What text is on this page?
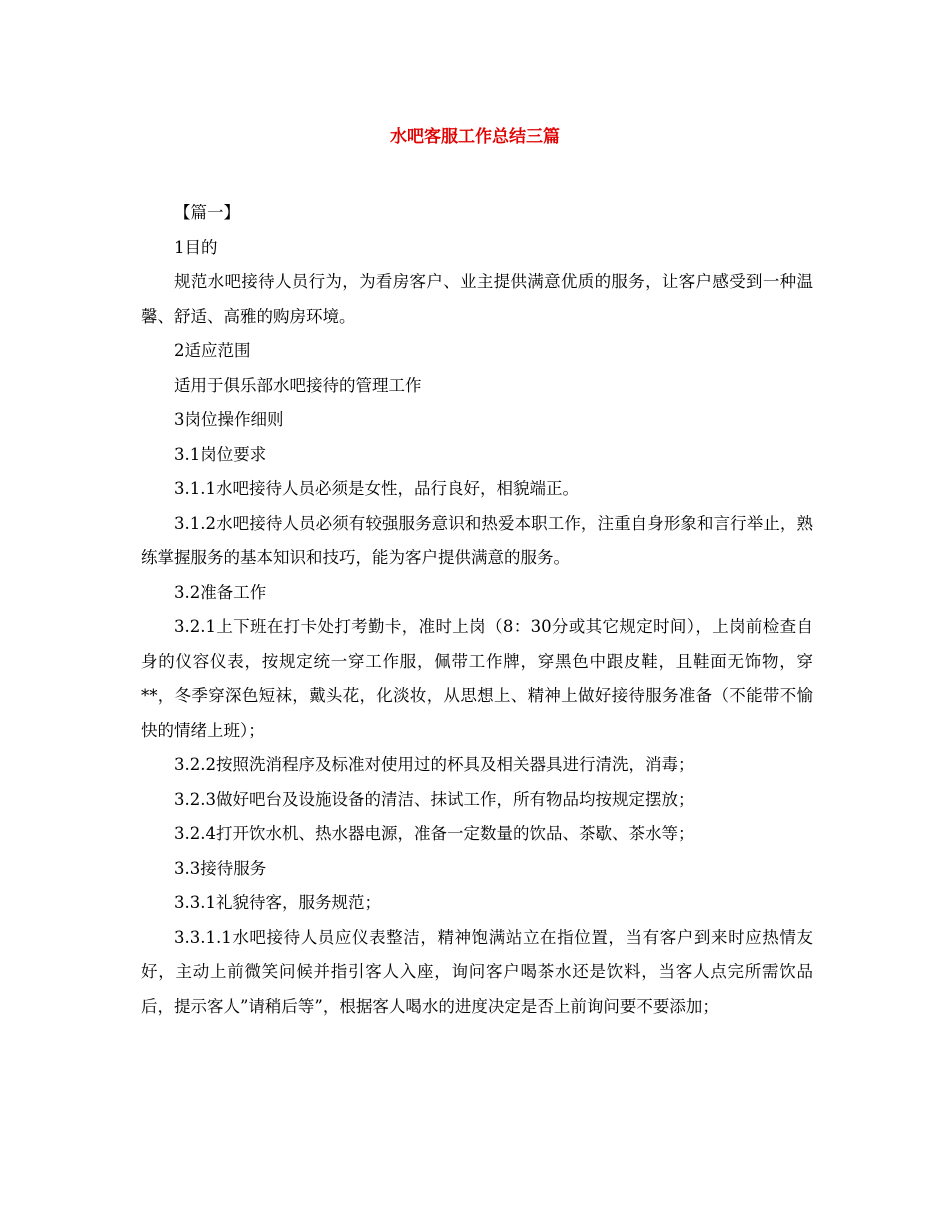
水吧客服工作总结三篇

【篇一】

1目的

规范水吧接待人员行为，为看房客户、业主提供满意优质的服务，让客户感受到一种温馨、舒适、高雅的购房环境。

2适应范围

适用于俱乐部水吧接待的管理工作

3岗位操作细则

3.1岗位要求

3.1.1水吧接待人员必须是女性，品行良好，相貌端正。

3.1.2水吧接待人员必须有较强服务意识和热爱本职工作，注重自身形象和言行举止，熟练掌握服务的基本知识和技巧，能为客户提供满意的服务。

3.2准备工作

3.2.1上下班在打卡处打考勤卡，准时上岗（8：30分或其它规定时间），上岗前检查自身的仪容仪表，按规定统一穿工作服，佩带工作牌，穿黑色中跟皮鞋，且鞋面无饰物，穿**，冬季穿深色短袜，戴头花，化淡妆，从思想上、精神上做好接待服务准备（不能带不愉快的情绪上班）；

3.2.2按照洗消程序及标准对使用过的杯具及相关器具进行清洗，消毒；

3.2.3做好吧台及设施设备的清洁、抹试工作，所有物品均按规定摆放；

3.2.4打开饮水机、热水器电源，准备一定数量的饮品、茶歇、茶水等；

3.3接待服务

3.3.1礼貌待客，服务规范；

3.3.1.1水吧接待人员应仪表整洁，精神饱满站立在指位置，当有客户到来时应热情友好，主动上前微笑问候并指引客人入座，询问客户喝茶水还是饮料，当客人点完所需饮品后，提示客人”请稍后等”，根据客人喝水的进度决定是否上前询问要不要添加；
